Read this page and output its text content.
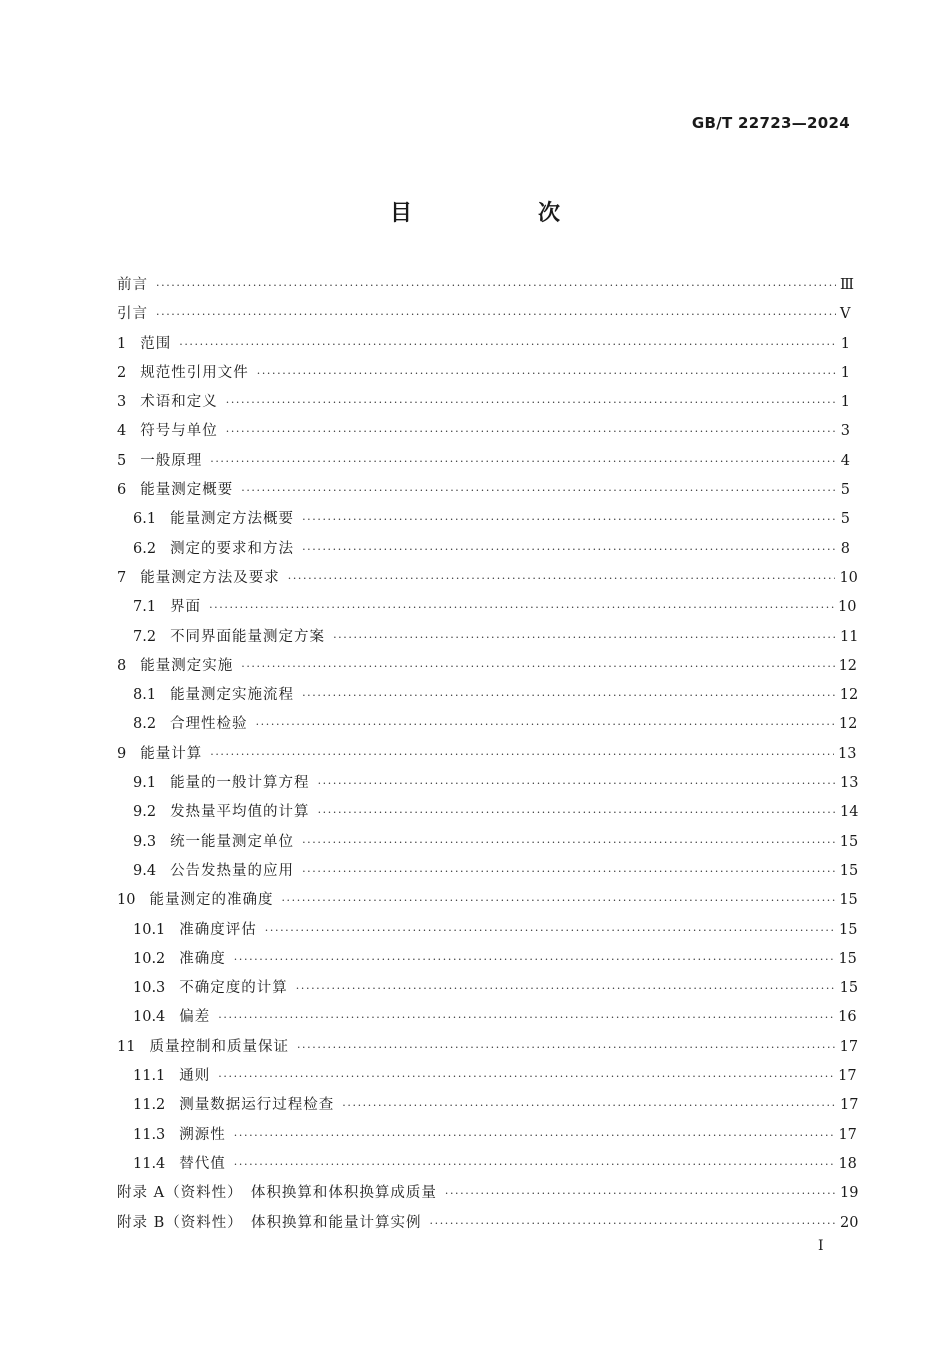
GB/T 22723—2024
目　次
前言 ·····	Ⅲ
引言 ·····	Ⅴ
1 范围 ·····	1
2 规范性引用文件 ·····	1
3 术语和定义 ·····	1
4 符号与单位 ·····	3
5 一般原理 ·····	4
6 能量测定概要 ·····	5
6.1 能量测定方法概要 ·····	5
6.2 测定的要求和方法 ·····	8
7 能量测定方法及要求 ·····	10
7.1 界面 ·····	10
7.2 不同界面能量测定方案 ·····	11
8 能量测定实施 ·····	12
8.1 能量测定实施流程 ·····	12
8.2 合理性检验 ·····	12
9 能量计算 ·····	13
9.1 能量的一般计算方程 ·····	13
9.2 发热量平均值的计算 ·····	14
9.3 统一能量测定单位 ·····	15
9.4 公告发热量的应用 ·····	15
10 能量测定的准确度 ·····	15
10.1 准确度评估 ·····	15
10.2 准确度 ·····	15
10.3 不确定度的计算 ·····	15
10.4 偏差 ·····	16
11 质量控制和质量保证 ·····	17
11.1 通则 ·····	17
11.2 测量数据运行过程检查 ·····	17
11.3 溯源性 ·····	17
11.4 替代值 ·····	18
附录 A（资料性）　体积换算和体积换算成质量 ·····	19
附录 B（资料性）　体积换算和能量计算实例 ·····	20
Ⅰ
